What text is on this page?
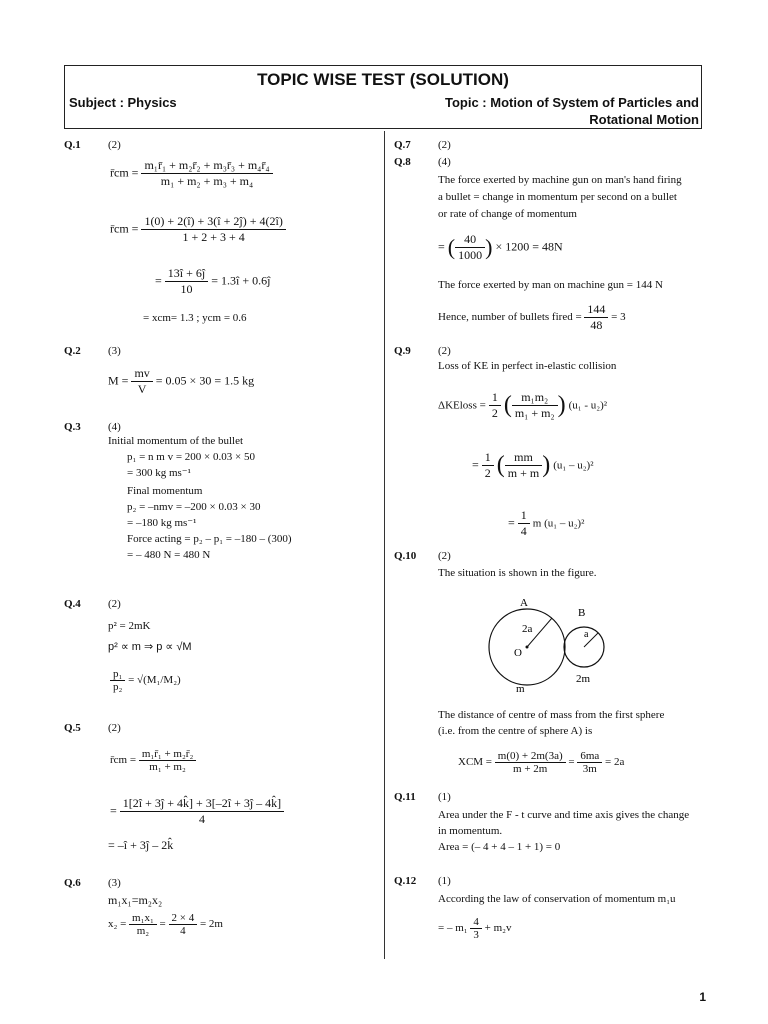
TOPIC WISE TEST (SOLUTION)
Subject : Physics	Topic : Motion of System of Particles and
Rotational Motion
Q.1 (2)
r̄cm = $\frac{\text{m₁r̄₁ + m₂r̄₂ + m₃r̄₃ + m₄r̄₄}}{\text{m₁ + m₂ + m₃ + m₄}}$
r̄cm = $\frac{1(0) + 2(î) + 3(î + 2ĵ) + 4(2î)}{1 + 2 + 3 + 4}$
= $\frac{13î + 6ĵ}{10}$ = 1.3î + 0.6ĵ
= xcm= 1.3 ; ycm = 0.6
Q.2 (3)
$M = \frac{mv}{V} = 0.05 \times 30 = 1.5$ kg
Q.3 (4)
Initial momentum of the bullet
p₁ = n m v = 200 × 0.03 × 50
= 300 kg ms⁻¹
Final momentum
p₂ = –nmv = –200 × 0.03 × 30
= –180 kg ms⁻¹
Force acting = p₂ – p₁ = –180 – (300)
= – 480 N = 480 N
Q.4 (2)
p² = 2mK
p² ∝ m ⇒ p ∝ √M
$\frac{\text{p₁}}{\text{p₂}} = √(M_1/M_2)$
Q.5 (2)
r̄cm = $\frac{\text{m₁r̄₁ + m₂r̄₂}}{\text{m₁ + m₂}}$
= $\frac{1[2î + 3ĵ + 4k̂] + 3[-2î + 3ĵ - 4k̂]}{4}$
= –î + 3ĵ – 2k̂
Q.6 (3)
m₁x₁=m₂x₂
$x_2 = \frac{\text{m₁x₁}}{\text{m₂}} = \frac{2 \times 4}{4} = 2m$
Q.7 (2)
Q.8 (4)
The force exerted by machine gun on man's hand firing
a bullet = change in momentum per second on a bullet
or rate of change of momentum
= ( $\frac{40}{1000}$ ) × 1200 = 48N
The force exerted by man on machine gun = 144 N
Hence, number of bullets fired = $\frac{144}{48} = 3$
Q.9 (2)
Loss of KE in perfect in-elastic collision
ΔKEloss = $\frac{1}{2}$ ( $\frac{\text{m₁m₂}}{\text{m₁ + m₂}}$ ) (u₁ - u₂)²
= $\frac{1}{2}$ ( $\frac{mm}{m + m}$ ) (u₁ – u₂)²
= $\frac{1}{4}$ m (u₁ – u₂)²
Q.10 (2)
The situation is shown in the figure.
A
B
2a	a
O
m
2m
The distance of centre of mass from the first sphere
(i.e. from the centre of sphere A) is
XCM = $\frac{m(0) + 2m(3a)}{m + 2m} = \frac{6ma}{3m} = 2a$
Q.11 (1)
Area under the F - t curve and time axis gives the change
in momentum.
Area = (– 4 + 4 – 1 + 1) = 0
Q.12 (1)
According the law of conservation of momentum m₁u
= – $m_1 \frac{4}{3} + m_2v$
1
